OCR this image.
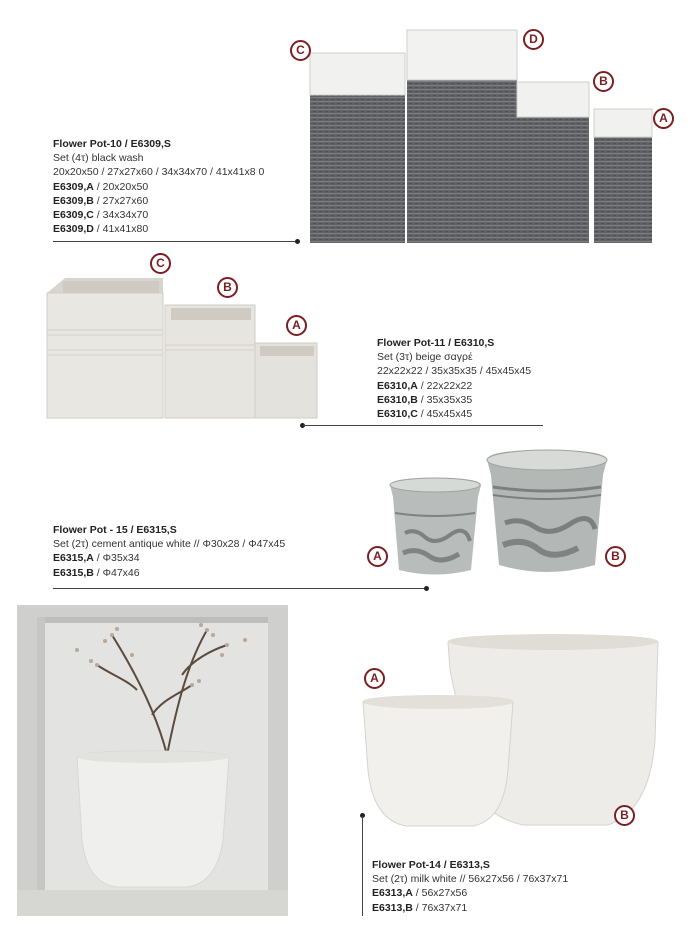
Flower Pot-10 / E6309,S
Set (4τ) black wash
20x20x50 / 27x27x60 / 34x34x70 / 41x41x8 0
E6309,A / 20x20x50
E6309,B / 27x27x60
E6309,C / 34x34x70
E6309,D / 41x41x80
C
D
B
A
C
B
A
Flower Pot-11 / E6310,S
Set (3τ) beige σαγρέ
22x22x22 / 35x35x35 / 45x45x45
E6310,A / 22x22x22
E6310,B / 35x35x35
E6310,C / 45x45x45
A	B
Flower Pot - 15 / E6315,S
Set (2τ) cement antique white // Φ30x28 / Φ47x45
E6315,A / Φ35x34
E6315,B / Φ47x46
A
B
Flower Pot-14 / E6313,S
Set (2τ) milk white // 56x27x56 / 76x37x71
E6313,A / 56x27x56
E6313,B / 76x37x71
